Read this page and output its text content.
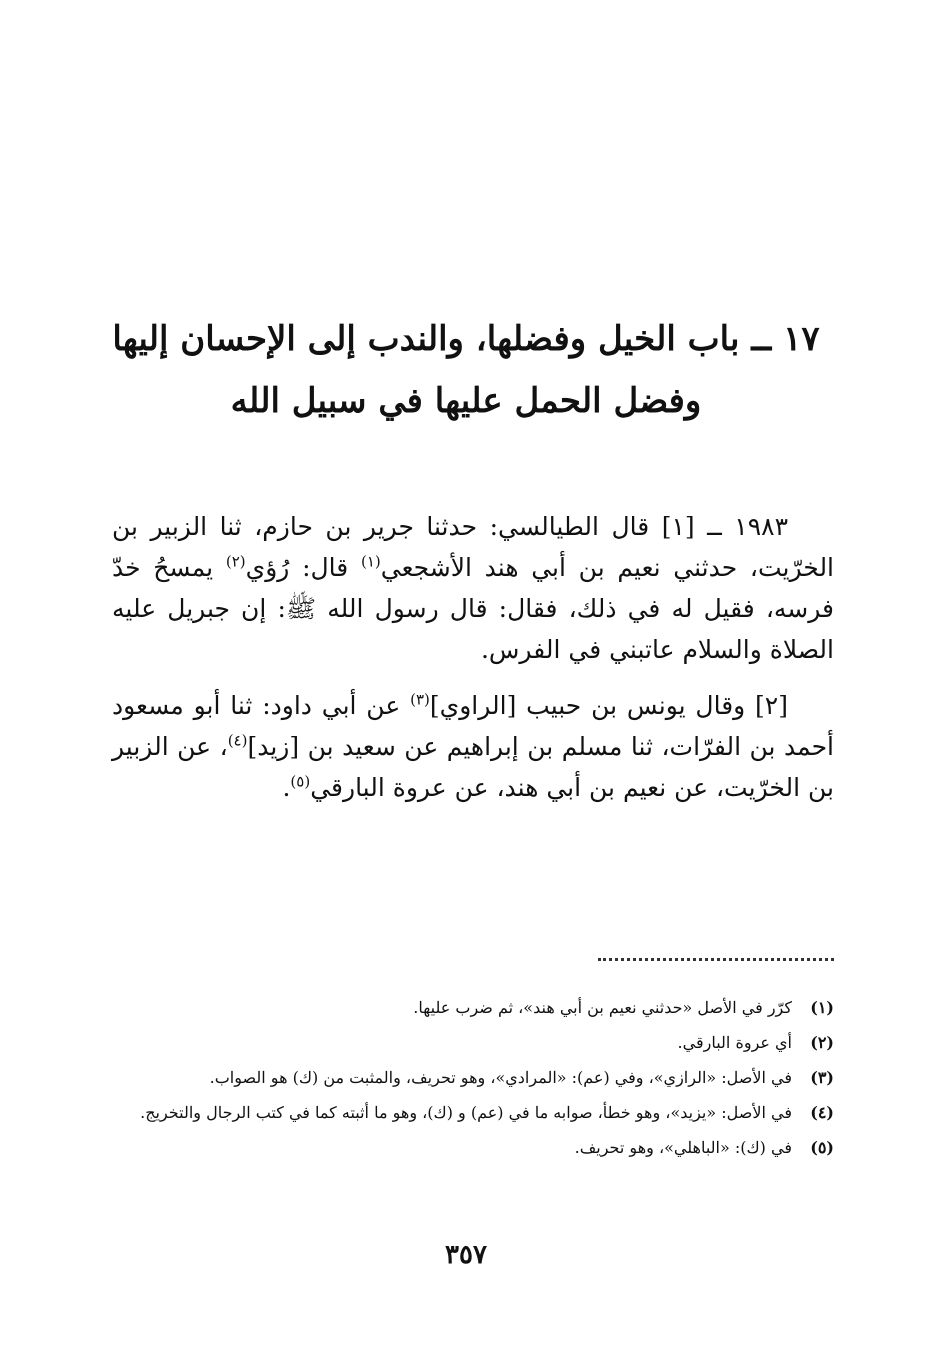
١٧ ــ باب الخيل وفضلها، والندب إلى الإحسان إليها
وفضل الحمل عليها في سبيل الله

١٩٨٣ ــ [١] قال الطيالسي: حدثنا جرير بن حازم، ثنا الزبير بن الخرّيت، حدثني نعيم بن أبي هند الأشجعي$^{(١)}$ قال: رُؤي$^{(٢)}$ يمسحُ خدّ فرسه، فقيل له في ذلك، فقال: قال رسول الله ﷺ: إن جبريل عليه الصلاة والسلام عاتبني في الفرس.

[٢] وقال يونس بن حبيب [الراوي]$^{(٣)}$ عن أبي داود: ثنا أبو مسعود أحمد بن الفرّات، ثنا مسلم بن إبراهيم عن سعيد بن [زيد]$^{(٤)}$، عن الزبير بن الخرّيت، عن نعيم بن أبي هند، عن عروة البارقي$^{(٥)}$.

(١)
كرّر في الأصل «حدثني نعيم بن أبي هند»، ثم ضرب عليها.
(٢)
أي عروة البارقي.
(٣)
في الأصل: «الرازي»، وفي (عم): «المرادي»، وهو تحريف، والمثبت من (ك) هو الصواب.
(٤)
في الأصل: «يزيد»، وهو خطأ، صوابه ما في (عم) و (ك)، وهو ما أثبته كما في كتب الرجال والتخريج.
(٥)
في (ك): «الباهلي»، وهو تحريف.
٣٥٧
